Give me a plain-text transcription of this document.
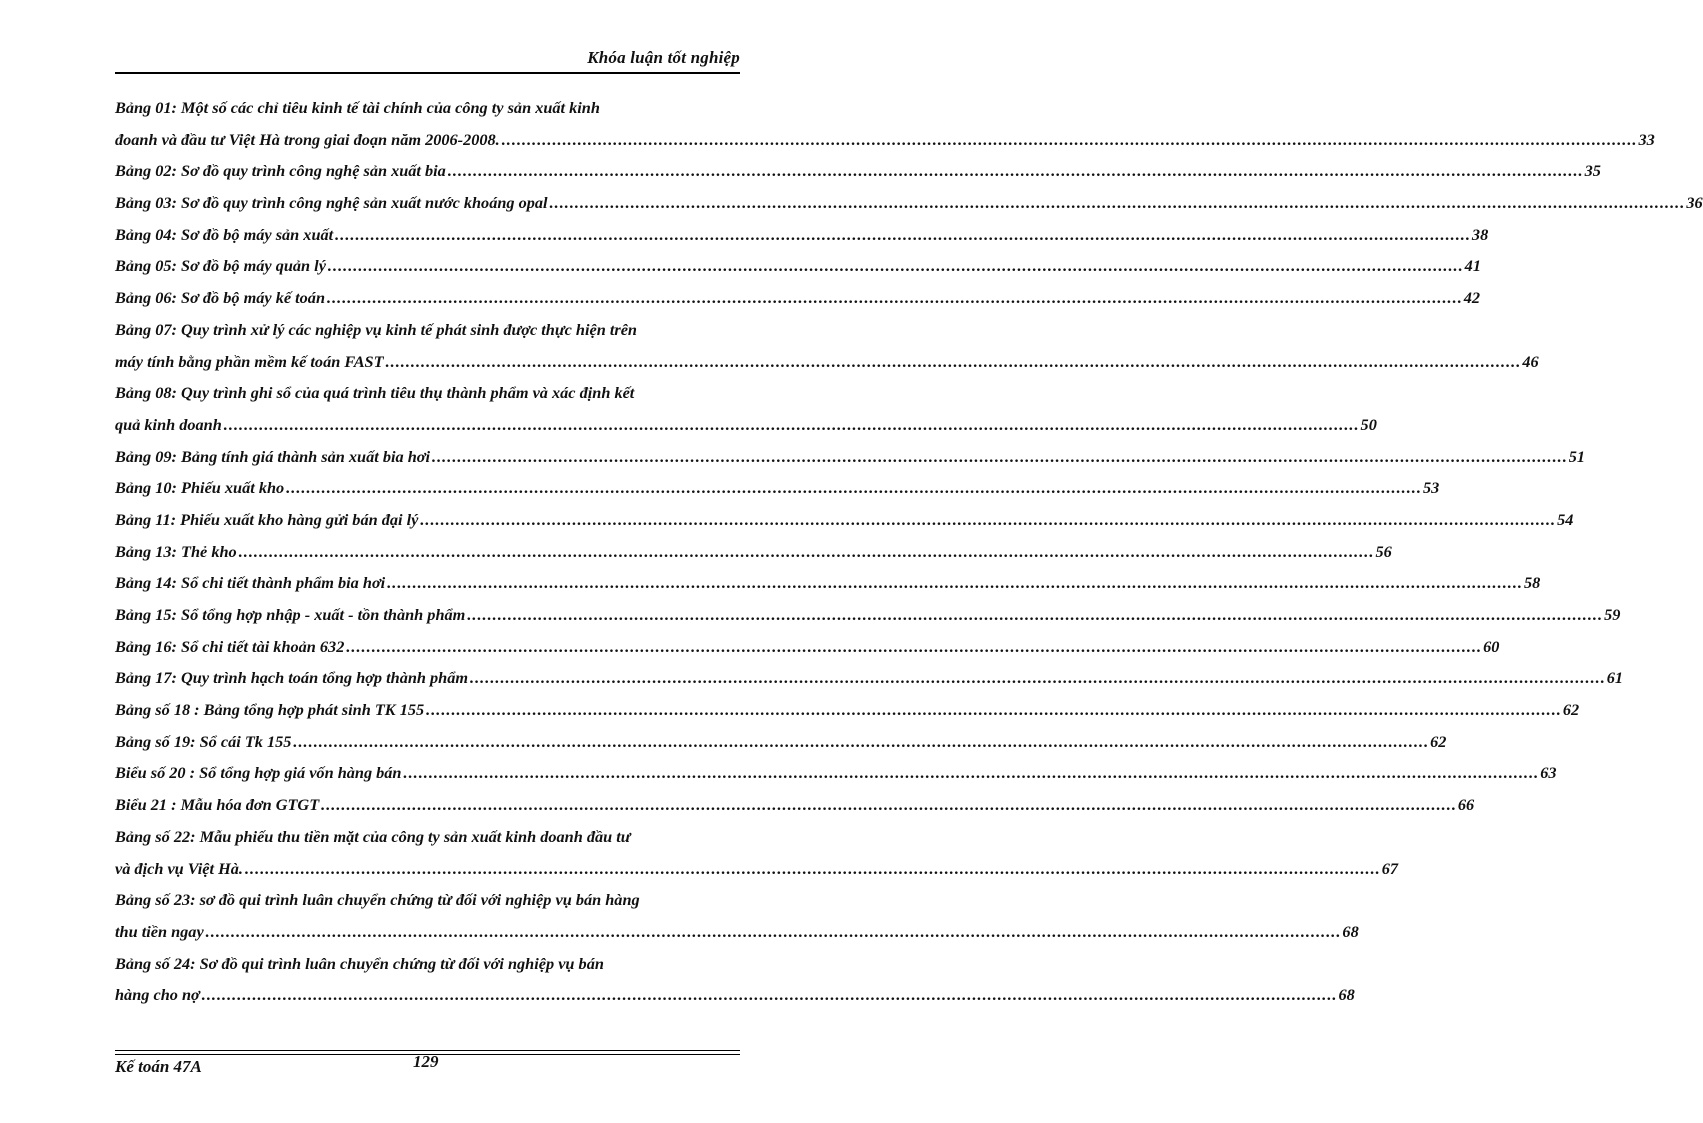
Khóa luận tốt nghiệp
Bảng 01: Một số các chỉ tiêu kinh tế tài chính của công ty sản xuất kinh
đoanh và đầu tư Việt Hà trong giai đoạn năm 2006-2008. .....	33
Bảng 02: Sơ đồ quy trình công nghệ sản xuất bia .....	35
Bảng 03: Sơ đồ quy trình công nghệ sản xuất nước khoáng opal .....	36
Bảng 04: Sơ đồ bộ máy sản xuất .....	38
Bảng 05: Sơ đồ bộ máy quản lý .....	41
Bảng 06: Sơ đồ bộ máy kế toán .....	42
Bảng 07: Quy trình xử lý các nghiệp vụ kinh tế phát sinh được thực hiện trên
máy tính bằng phần mềm kế toán FAST .....	46
Bảng 08: Quy trình ghi sổ của quá trình tiêu thụ thành phẩm và xác định kết
quả kinh doanh .....	50
Bảng 09: Bảng tính giá thành sản xuất bia hơi .....	51
Bảng 10: Phiếu xuất kho .....	53
Bảng 11: Phiếu xuất kho hàng gửi bán đại lý .....	54
Bảng 13: Thẻ kho .....	56
Bảng 14: Sổ chi tiết thành phẩm bia hơi .....	58
Bảng 15: Sổ tổng hợp nhập - xuất - tồn thành phẩm .....	59
Bảng 16: Sổ chi tiết tài khoản 632 .....	60
Bảng 17: Quy trình hạch toán tổng hợp thành phẩm .....	61
Bảng số 18 : Bảng tổng hợp phát sinh TK 155 .....	62
Bảng số 19: Sổ cái Tk 155 .....	62
Biểu số 20 : Sổ tổng hợp giá vốn hàng bán .....	63
Biểu 21 : Mẫu hóa đơn GTGT .....	66
Bảng số 22: Mẫu phiếu thu tiền mặt của công ty sản xuất kinh doanh đầu tư
và địch vụ Việt Hà. .....	67
Bảng số 23: sơ đồ qui trình luân chuyển chứng từ đối với nghiệp vụ bán hàng
thu tiền ngay .....	68
Bảng số 24: Sơ đồ qui trình luân chuyển chứng từ đối với nghiệp vụ bán
hàng cho nợ .....	68
Kế toán 47A	129
